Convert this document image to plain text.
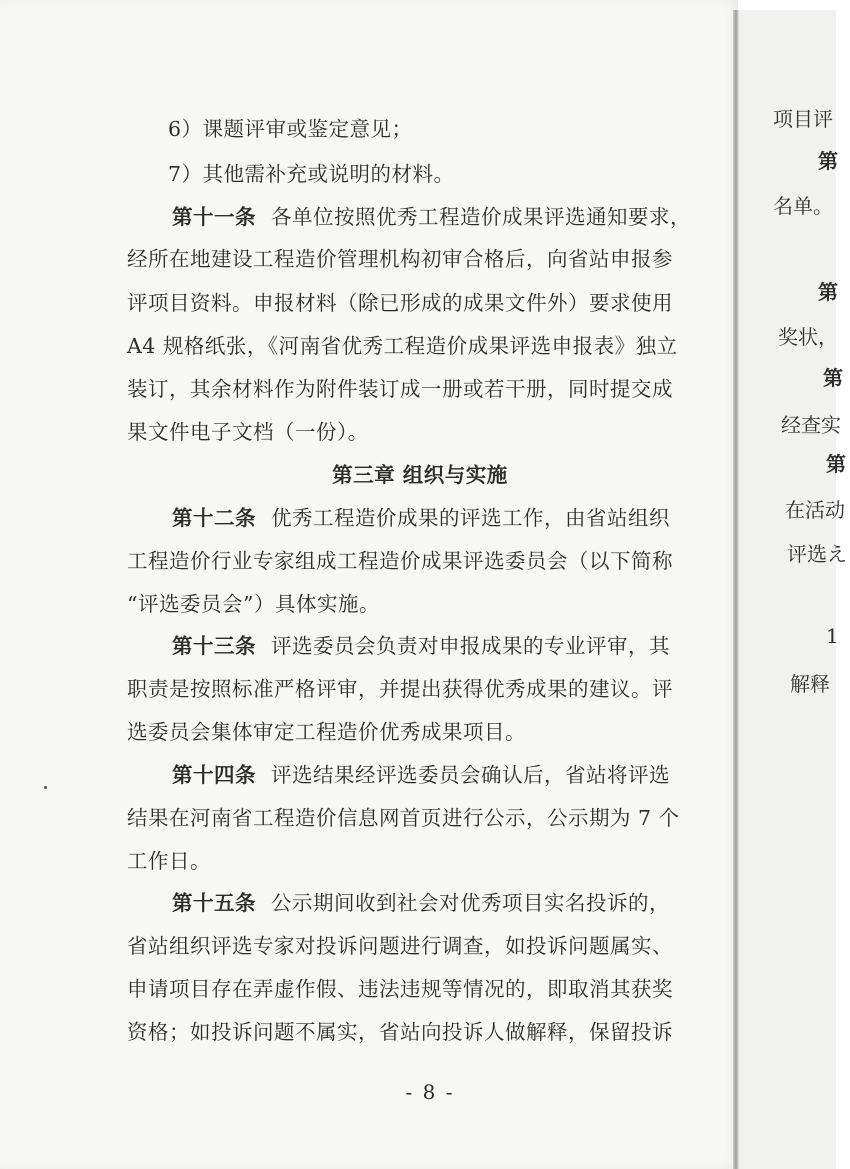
6）课题评审或鉴定意见；
7）其他需补充或说明的材料。
第十一条 各单位按照优秀工程造价成果评选通知要求，
经所在地建设工程造价管理机构初审合格后，向省站申报参
评项目资料。申报材料（除已形成的成果文件外）要求使用
A4 规格纸张，《河南省优秀工程造价成果评选申报表》独立
装订，其余材料作为附件装订成一册或若干册，同时提交成
果文件电子文档（一份）。
第三章 组织与实施
第十二条 优秀工程造价成果的评选工作，由省站组织
工程造价行业专家组成工程造价成果评选委员会（以下简称
“评选委员会”）具体实施。
第十三条 评选委员会负责对申报成果的专业评审，其
职责是按照标准严格评审，并提出获得优秀成果的建议。评
选委员会集体审定工程造价优秀成果项目。
第十四条 评选结果经评选委员会确认后，省站将评选
结果在河南省工程造价信息网首页进行公示，公示期为 7 个
工作日。
第十五条 公示期间收到社会对优秀项目实名投诉的，
省站组织评选专家对投诉问题进行调查，如投诉问题属实、
申请项目存在弄虚作假、违法违规等情况的，即取消其获奖
资格；如投诉问题不属实，省站向投诉人做解释，保留投诉
- 8 -
项目评
第
名单。
第
奖状，
第
经查实
第
在活动
评选え
1
解释
